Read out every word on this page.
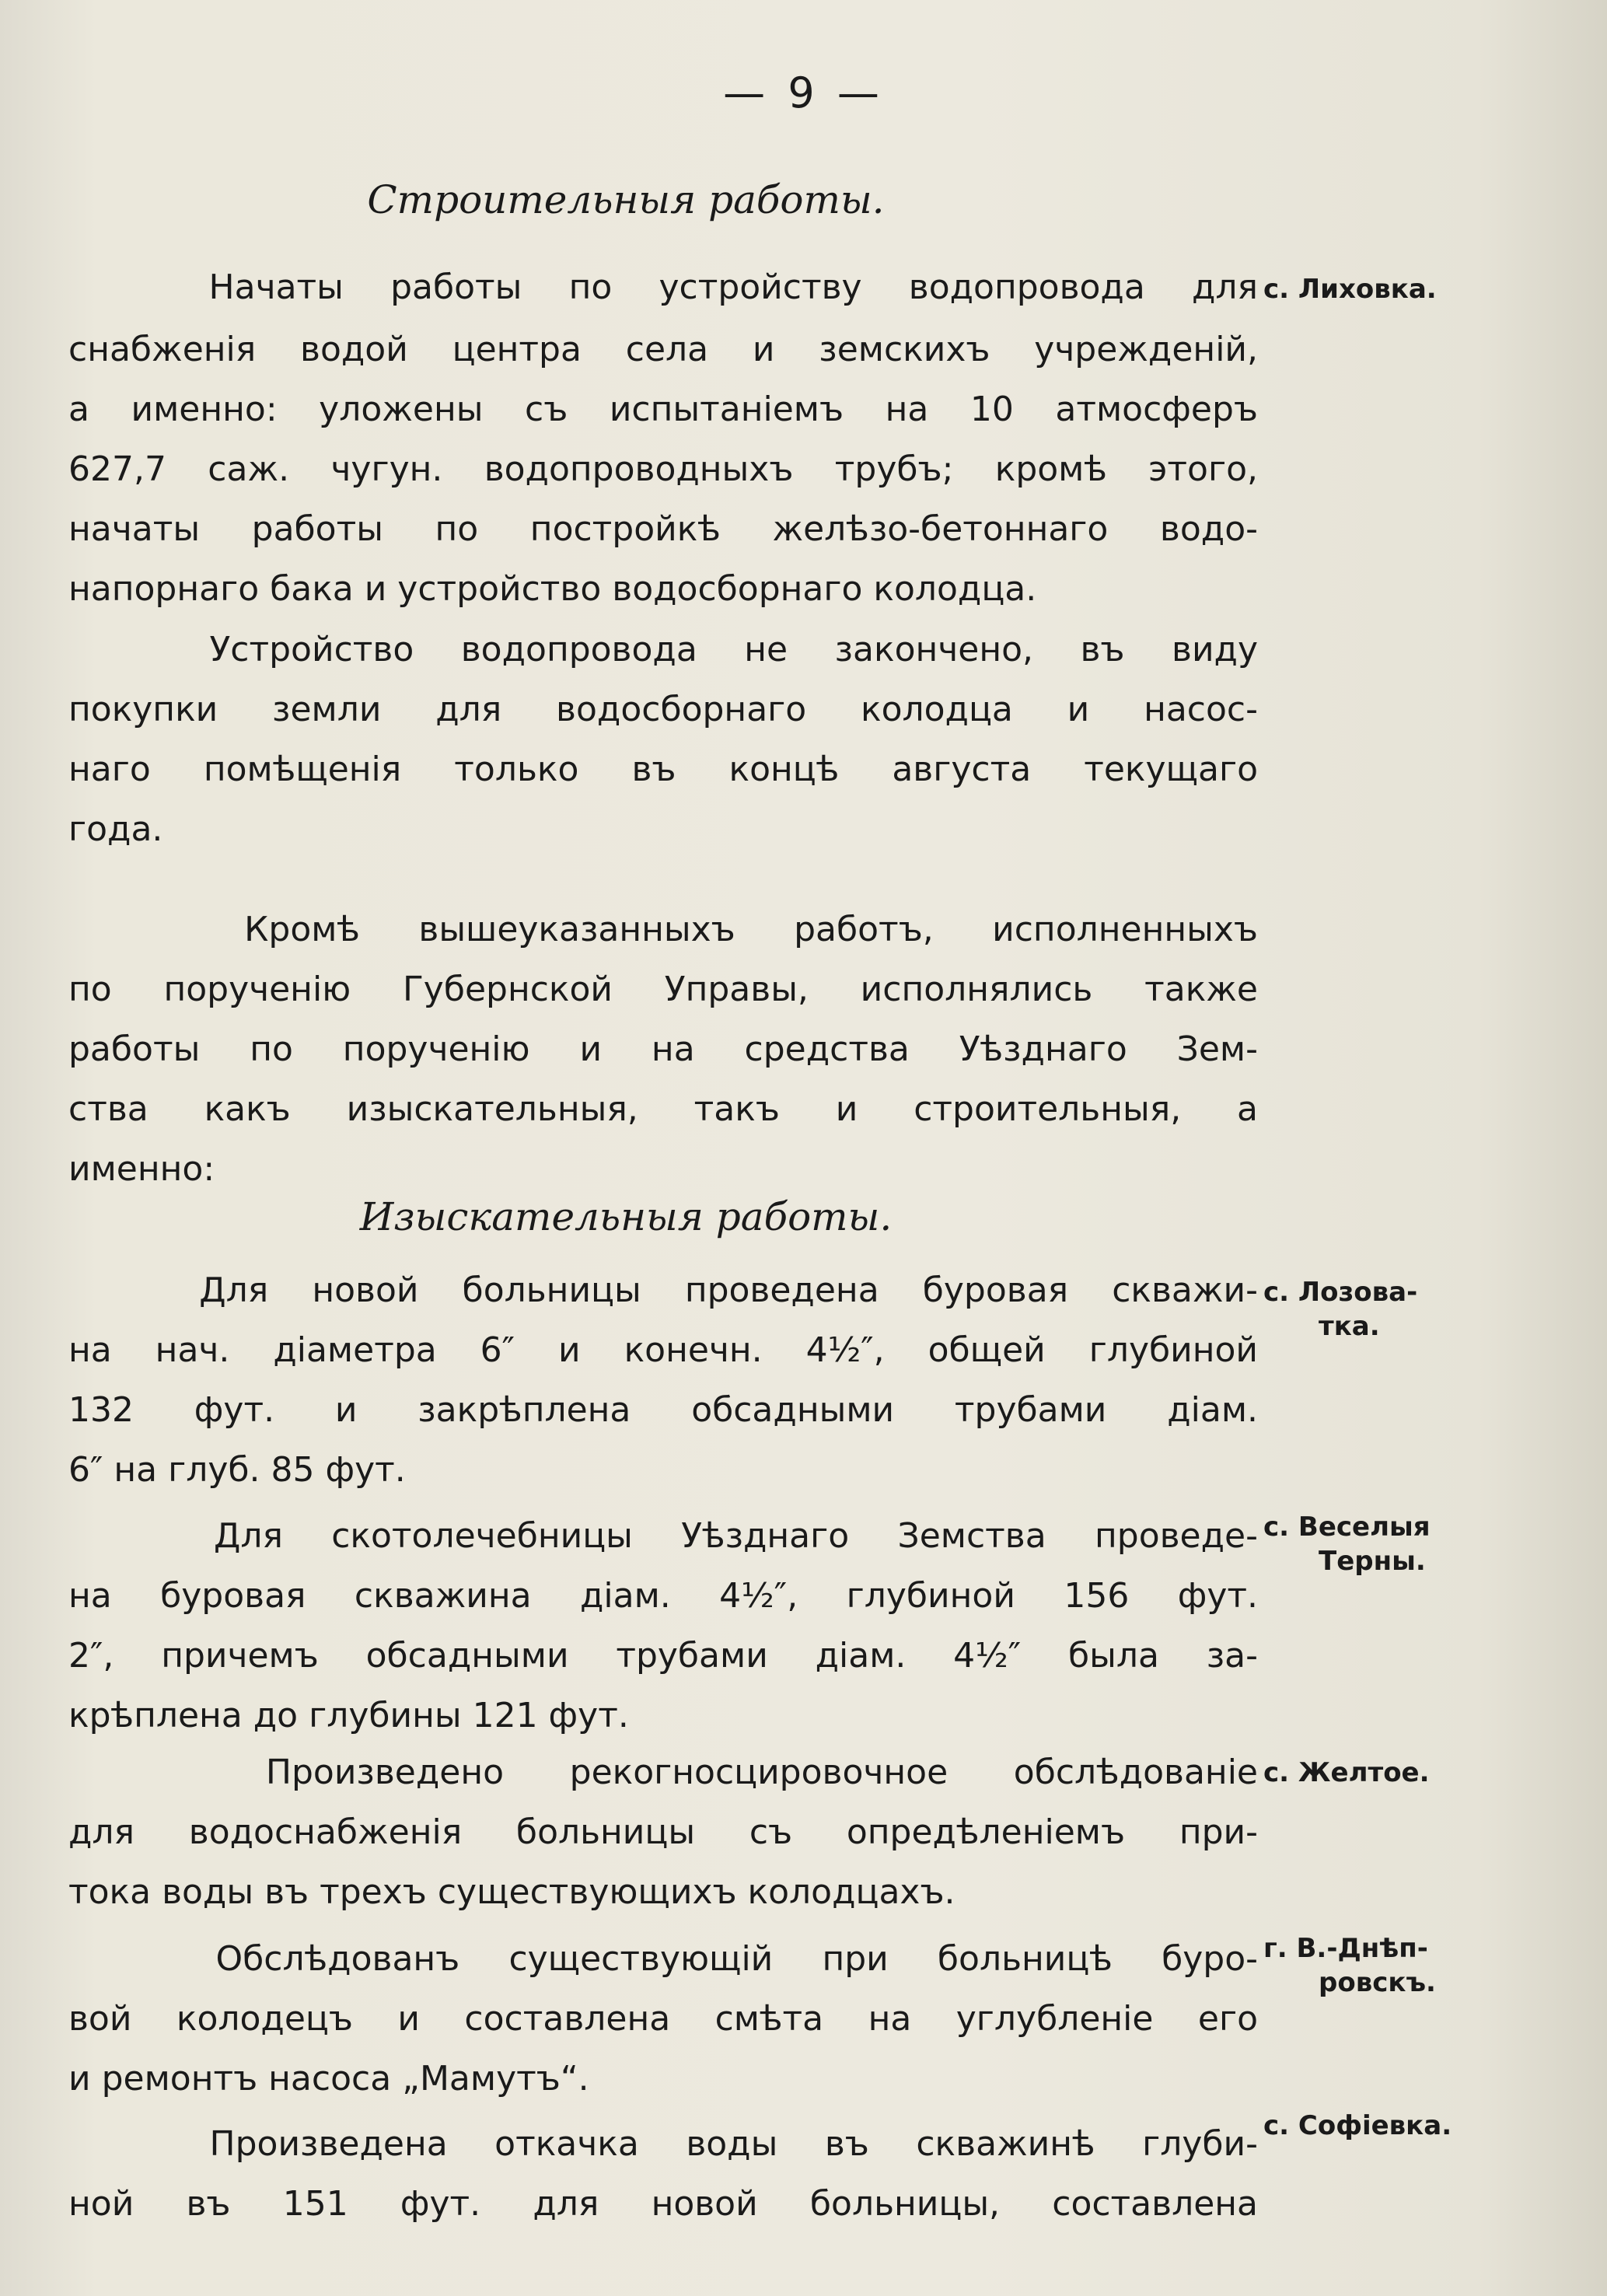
— 9 —
Строительныя работы.
Начаты работы по устройству водопровода для
снабженія водой центра села и земскихъ учрежденій,
а именно: уложены съ испытаніемъ на 10 атмосферъ
627,7 саж. чугун. водопроводныхъ трубъ; кромѣ этого,
начаты работы по постройкѣ желѣзо-бетоннаго водо-
напорнаго бака и устройство водосборнаго колодца.
Устройство водопровода не закончено, въ виду
покупки земли для водосборнаго колодца и насос-
наго помѣщенія только въ концѣ августа текущаго
года.
Кромѣ вышеуказанныхъ работъ, исполненныхъ
по порученію Губернской Управы, исполнялись также
работы по порученію и на средства Уѣзднаго Зем-
ства какъ изыскательныя, такъ и строительныя, а
именно:
Изыскательныя работы.
Для новой больницы проведена буровая скважи-
на нач. діаметра 6″ и конечн. 4½″, общей глубиной
132 фут. и закрѣплена обсадными трубами діам.
6″ на глуб. 85 фут.
Для скотолечебницы Уѣзднаго Земства проведе-
на буровая скважина діам. 4½″, глубиной 156 фут.
2″, причемъ обсадными трубами діам. 4½″ была за-
крѣплена до глубины 121 фут.
Произведено рекогносцировочное обслѣдованіе
для водоснабженія больницы съ опредѣленіемъ при-
тока воды въ трехъ существующихъ колодцахъ.
Обслѣдованъ существующій при больницѣ буро-
вой колодецъ и составлена смѣта на углубленіе его
и ремонтъ насоса „Мамутъ“.
Произведена откачка воды въ скважинѣ глуби-
ной въ 151 фут. для новой больницы, составлена
с. Лиховка.
с. Лозова-
тка.
с. Веселыя
Терны.
с. Желтое.
г. В.-Днѣп-
ровскъ.
с. Софіевка.
